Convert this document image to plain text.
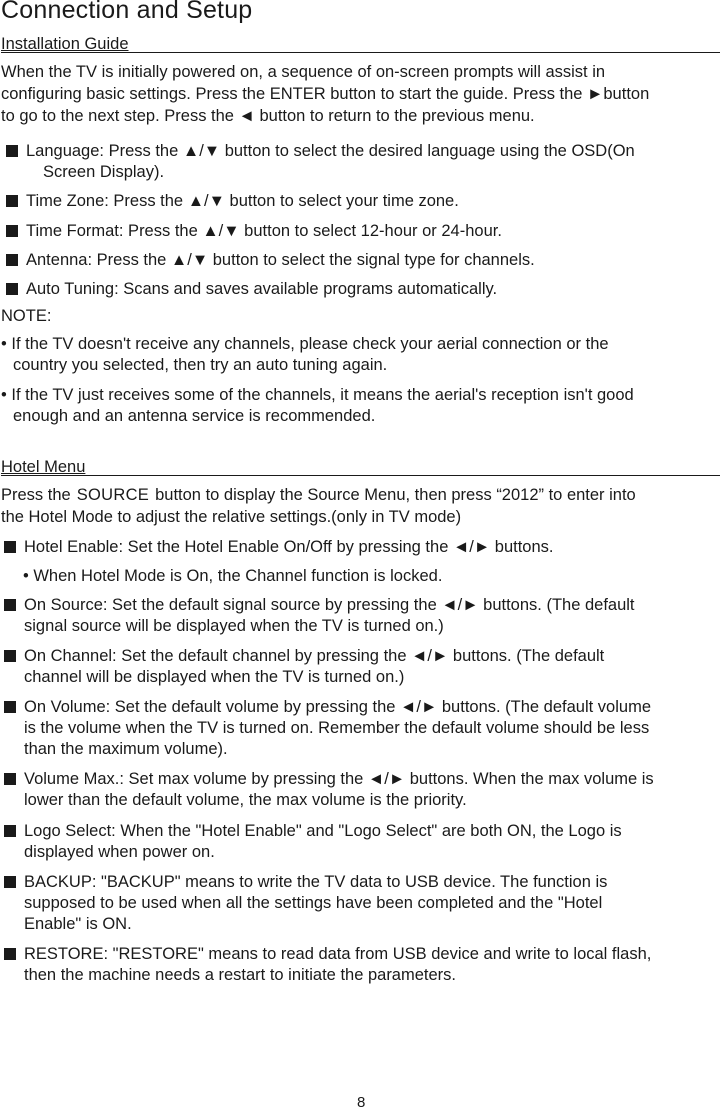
Connection and Setup
Installation Guide
When the TV is initially powered on, a sequence of on-screen prompts will assist in
configuring basic settings. Press the ENTER button to start the guide. Press the ►button
to go to the next step. Press the ◄ button to return to the previous menu.
Language: Press the ▲/▼ button to select the desired language using the OSD(On
Screen Display).
Time Zone: Press the ▲/▼ button to select your time zone.
Time Format: Press the ▲/▼ button to select 12-hour or 24-hour.
Antenna: Press the ▲/▼ button to select the signal type for channels.
Auto Tuning: Scans and saves available programs automatically.
NOTE:
• If the TV doesn't receive any channels, please check your aerial connection or the
country you selected, then try an auto tuning again.
• If the TV just receives some of the channels, it means the aerial's reception isn't good
enough and an antenna service is recommended.
Hotel Menu
Press the SOURCE button to display the Source Menu, then press “2012” to enter into
the Hotel Mode to adjust the relative settings.(only in TV mode)
Hotel Enable: Set the Hotel Enable On/Off by pressing the ◄/► buttons.
• When Hotel Mode is On, the Channel function is locked.
On Source: Set the default signal source by pressing the ◄/► buttons. (The default
signal source will be displayed when the TV is turned on.)
On Channel: Set the default channel by pressing the ◄/► buttons. (The default
channel will be displayed when the TV is turned on.)
On Volume: Set the default volume by pressing the ◄/► buttons. (The default volume
is the volume when the TV is turned on. Remember the default volume should be less
than the maximum volume).
Volume Max.: Set max volume by pressing the ◄/► buttons. When the max volume is
lower than the default volume, the max volume is the priority.
Logo Select: When the "Hotel Enable" and "Logo Select" are both ON, the Logo is
displayed when power on.
BACKUP: "BACKUP" means to write the TV data to USB device. The function is
supposed to be used when all the settings have been completed and the "Hotel
Enable" is ON.
RESTORE: "RESTORE" means to read data from USB device and write to local flash,
then the machine needs a restart to initiate the parameters.
8
